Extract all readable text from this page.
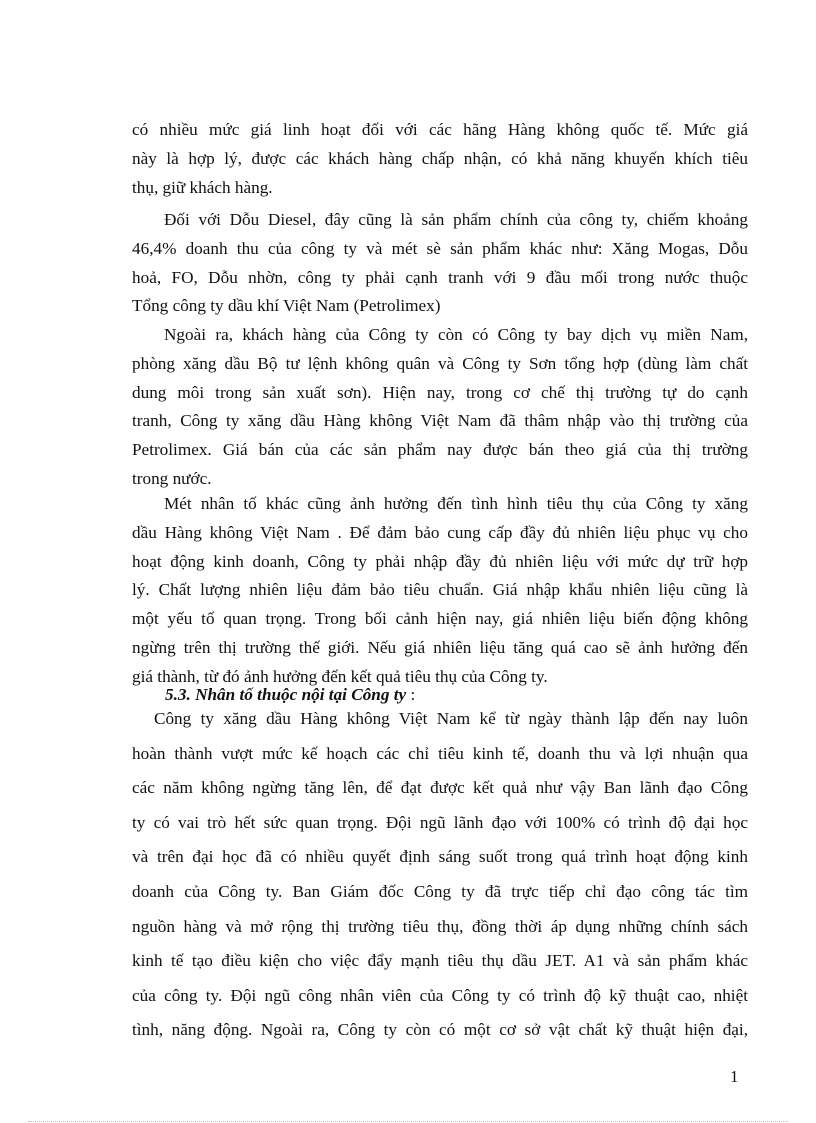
có nhiều mức giá linh hoạt đối với các hãng Hàng không quốc tế. Mức giá
này là hợp lý, được các khách hàng chấp nhận, có khả năng khuyến khích tiêu
thụ, giữ khách hàng.
Đối với Dỗu Diesel, đây cũng là sản phẩm chính của công ty, chiếm khoảng
46,4% doanh thu của công ty và mét sè sản phẩm khác như: Xăng Mogas, Dỗu
hoả, FO, Dỗu nhờn, công ty phải cạnh tranh với 9 đầu mối trong nước thuộc
Tổng công ty dầu khí Việt Nam (Petrolimex)
Ngoài ra, khách hàng của Công ty còn có Công ty bay dịch vụ miền Nam,
phòng xăng dầu Bộ tư lệnh không quân và Công ty Sơn tổng hợp (dùng làm chất
dung môi trong sản xuất sơn). Hiện nay, trong cơ chế thị trường tự do cạnh
tranh, Công ty xăng dầu Hàng không Việt Nam đã thâm nhập vào thị trường của
Petrolimex. Giá bán của các sản phẩm nay được bán theo giá của thị trường
trong nước.
Mét nhân tố khác cũng ảnh hưởng đến tình hình tiêu thụ của Công ty xăng
dầu Hàng không Việt Nam . Để đảm bảo cung cấp đầy đủ nhiên liệu phục vụ cho
hoạt động kinh doanh, Công ty phải nhập đầy đủ nhiên liệu với mức dự trữ hợp
lý. Chất lượng nhiên liệu đảm bảo tiêu chuẩn. Giá nhập khẩu nhiên liệu cũng là
một yếu tố quan trọng. Trong bối cảnh hiện nay, giá nhiên liệu biến động không
ngừng trên thị trường thế giới. Nếu giá nhiên liệu tăng quá cao sẽ ảnh hưởng đến
giá thành, từ đó ảnh hưởng đến kết quả tiêu thụ của Công ty.
5.3. Nhân tố thuộc nội tại Công ty :
Công ty xăng dầu Hàng không Việt Nam kể từ ngày thành lập đến nay luôn
hoàn thành vượt mức kế hoạch các chỉ tiêu kinh tế, doanh thu và lợi nhuận qua
các năm không ngừng tăng lên, để đạt được kết quả như vậy Ban lãnh đạo Công
ty có vai trò hết sức quan trọng. Đội ngũ lãnh đạo với 100% có trình độ đại học
và trên đại học đã có nhiều quyết định sáng suốt trong quá trình hoạt động kinh
doanh của Công ty. Ban Giám đốc Công ty đã trực tiếp chỉ đạo công tác tìm
nguồn hàng và mở rộng thị trường tiêu thụ, đồng thời áp dụng những chính sách
kinh tế tạo điều kiện cho việc đẩy mạnh tiêu thụ dầu JET. A1 và sản phẩm khác
của công ty. Đội ngũ công nhân viên của Công ty có trình độ kỹ thuật cao, nhiệt
tình, năng động. Ngoài ra, Công ty còn có một cơ sở vật chất kỹ thuật hiện đại,
1
